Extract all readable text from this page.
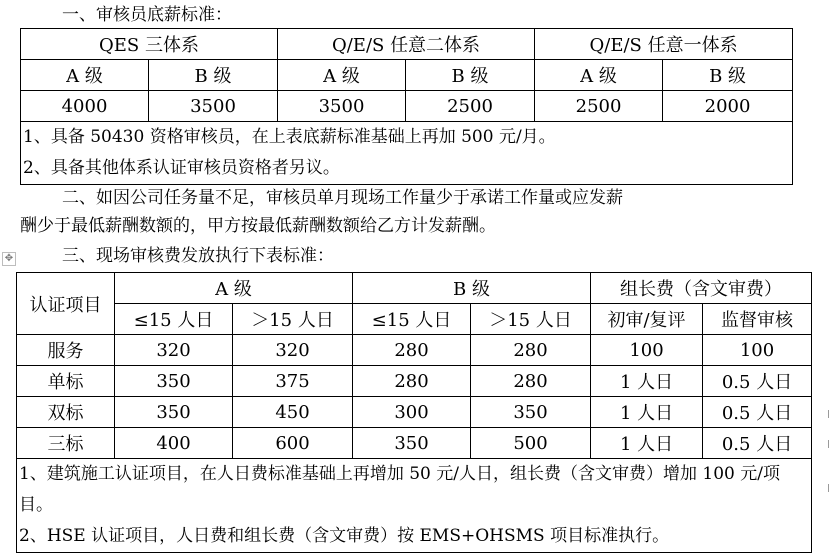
一、审核员底薪标准：
QES 三体系		Q/E/S 任意二体系		Q/E/S 任意一体系	
A 级	B 级	A 级	B 级	A 级	B 级
4000	3500	3500	2500	2500	2000

1、具备 50430 资格审核员，在上表底薪标准基础上再加 500 元/月。
2、具备其他体系认证审核员资格者另议。					
二、如因公司任务量不足，审核员单月现场工作量少于承诺工作量或应发薪
酬少于最低薪酬数额的，甲方按最低薪酬数额给乙方计发薪酬。
三、现场审核费发放执行下表标准：
✥
认证项目	A 级		B 级		组长费（含文审费）	
	≤15 人日	＞15 人日	≤15 人日	＞15 人日	初审/复评	监督审核
服务	320	320	280	280	100	100
单标	350	375	280	280	1 人日	0.5 人日
双标	350	450	300	350	1 人日	0.5 人日
三标	400	600	350	500	1 人日	0.5 人日

1、建筑施工认证项目，在人日费标准基础上再增加 50 元/人日，组长费（含文审费）增加 100 元/项目。
2、HSE 认证项目，人日费和组长费（含文审费）按 EMS+OHSMS 项目标准执行。						
